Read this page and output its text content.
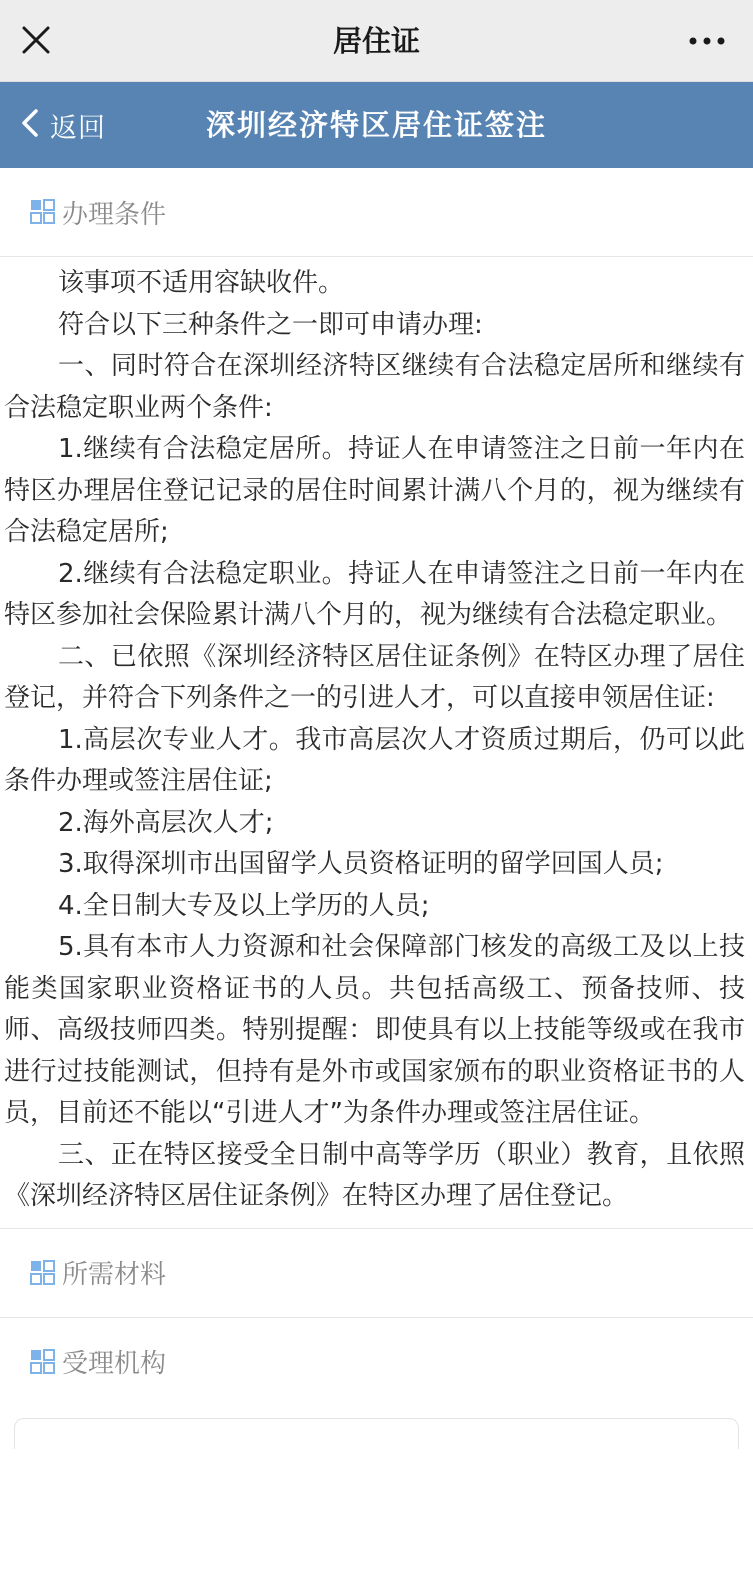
居住证
返回	深圳经济特区居住证签注
办理条件

该事项不适用容缺收件。

符合以下三种条件之一即可申请办理:

一、同时符合在深圳经济特区继续有合法稳定居所和继续有合法稳定职业两个条件:

1.继续有合法稳定居所。持证人在申请签注之日前一年内在特区办理居住登记记录的居住时间累计满八个月的，视为继续有合法稳定居所;

2.继续有合法稳定职业。持证人在申请签注之日前一年内在特区参加社会保险累计满八个月的，视为继续有合法稳定职业。

二、已依照《深圳经济特区居住证条例》在特区办理了居住登记，并符合下列条件之一的引进人才，可以直接申领居住证:

1.高层次专业人才。我市高层次人才资质过期后，仍可以此条件办理或签注居住证;

2.海外高层次人才;

3.取得深圳市出国留学人员资格证明的留学回国人员;

4.全日制大专及以上学历的人员;

5.具有本市人力资源和社会保障部门核发的高级工及以上技能类国家职业资格证书的人员。共包括高级工、预备技师、技师、高级技师四类。特别提醒：即使具有以上技能等级或在我市进行过技能测试，但持有是外市或国家颁布的职业资格证书的人员，目前还不能以“引进人才”为条件办理或签注居住证。

三、正在特区接受全日制中高等学历（职业）教育，且依照《深圳经济特区居住证条例》在特区办理了居住登记。

所需材料
受理机构
